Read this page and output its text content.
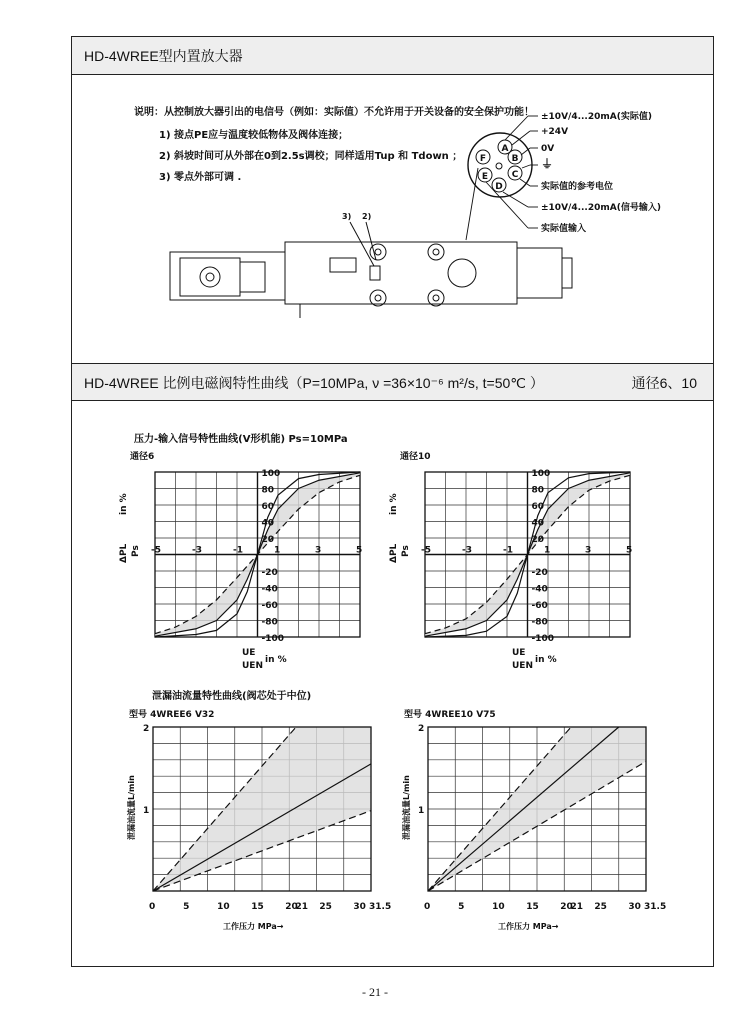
HD-4WREE型内置放大器
HD-4WREE 比例电磁阀特性曲线（P=10MPa, ν =36×10⁻⁶ m²/s, t=50℃ ）	通径6、10
说明：从控制放大器引出的电信号（例如：实际值）不允许用于开关设备的安全保护功能！
1) 接点PE应与温度较低物体及阀体连接；
2) 斜坡时间可从外部在0到2.5s调校；同样适用Tup 和 Tdown ；
3) 零点外部可调 .
A
B
C
D
E
F
±10V/4...20mA(实际值)
+24V
0V
⏚
实际值的参考电位
±10V/4...20mA(信号输入)
实际值输入
3) 2)
压力-输入信号特性曲线(V形机能) Ps=10MPa
泄漏油流量特性曲线(阀芯处于中位)
通径6
-5	-3	-1	1	3	5
100
80
60
40
20
-20
-40
-60
-80
-100
ΔPL Ps
in %
UE
UEN
in %
通径10
-5	-3	-1	1	3	5
100
80
60
40
20
-20
-40
-60
-80
-100
ΔPL Ps
in %
UE
UEN
in %
型号 4WREE6 V32
0	5	10 15 20
21 25 30 31.5
2
1
泄漏油流量L/min
工作压力 MPa→
型号 4WREE10 V75
0	5	10 15 20
21 25 30 31.5
2
1
泄漏油流量L/min
工作压力 MPa→
- 21 -
